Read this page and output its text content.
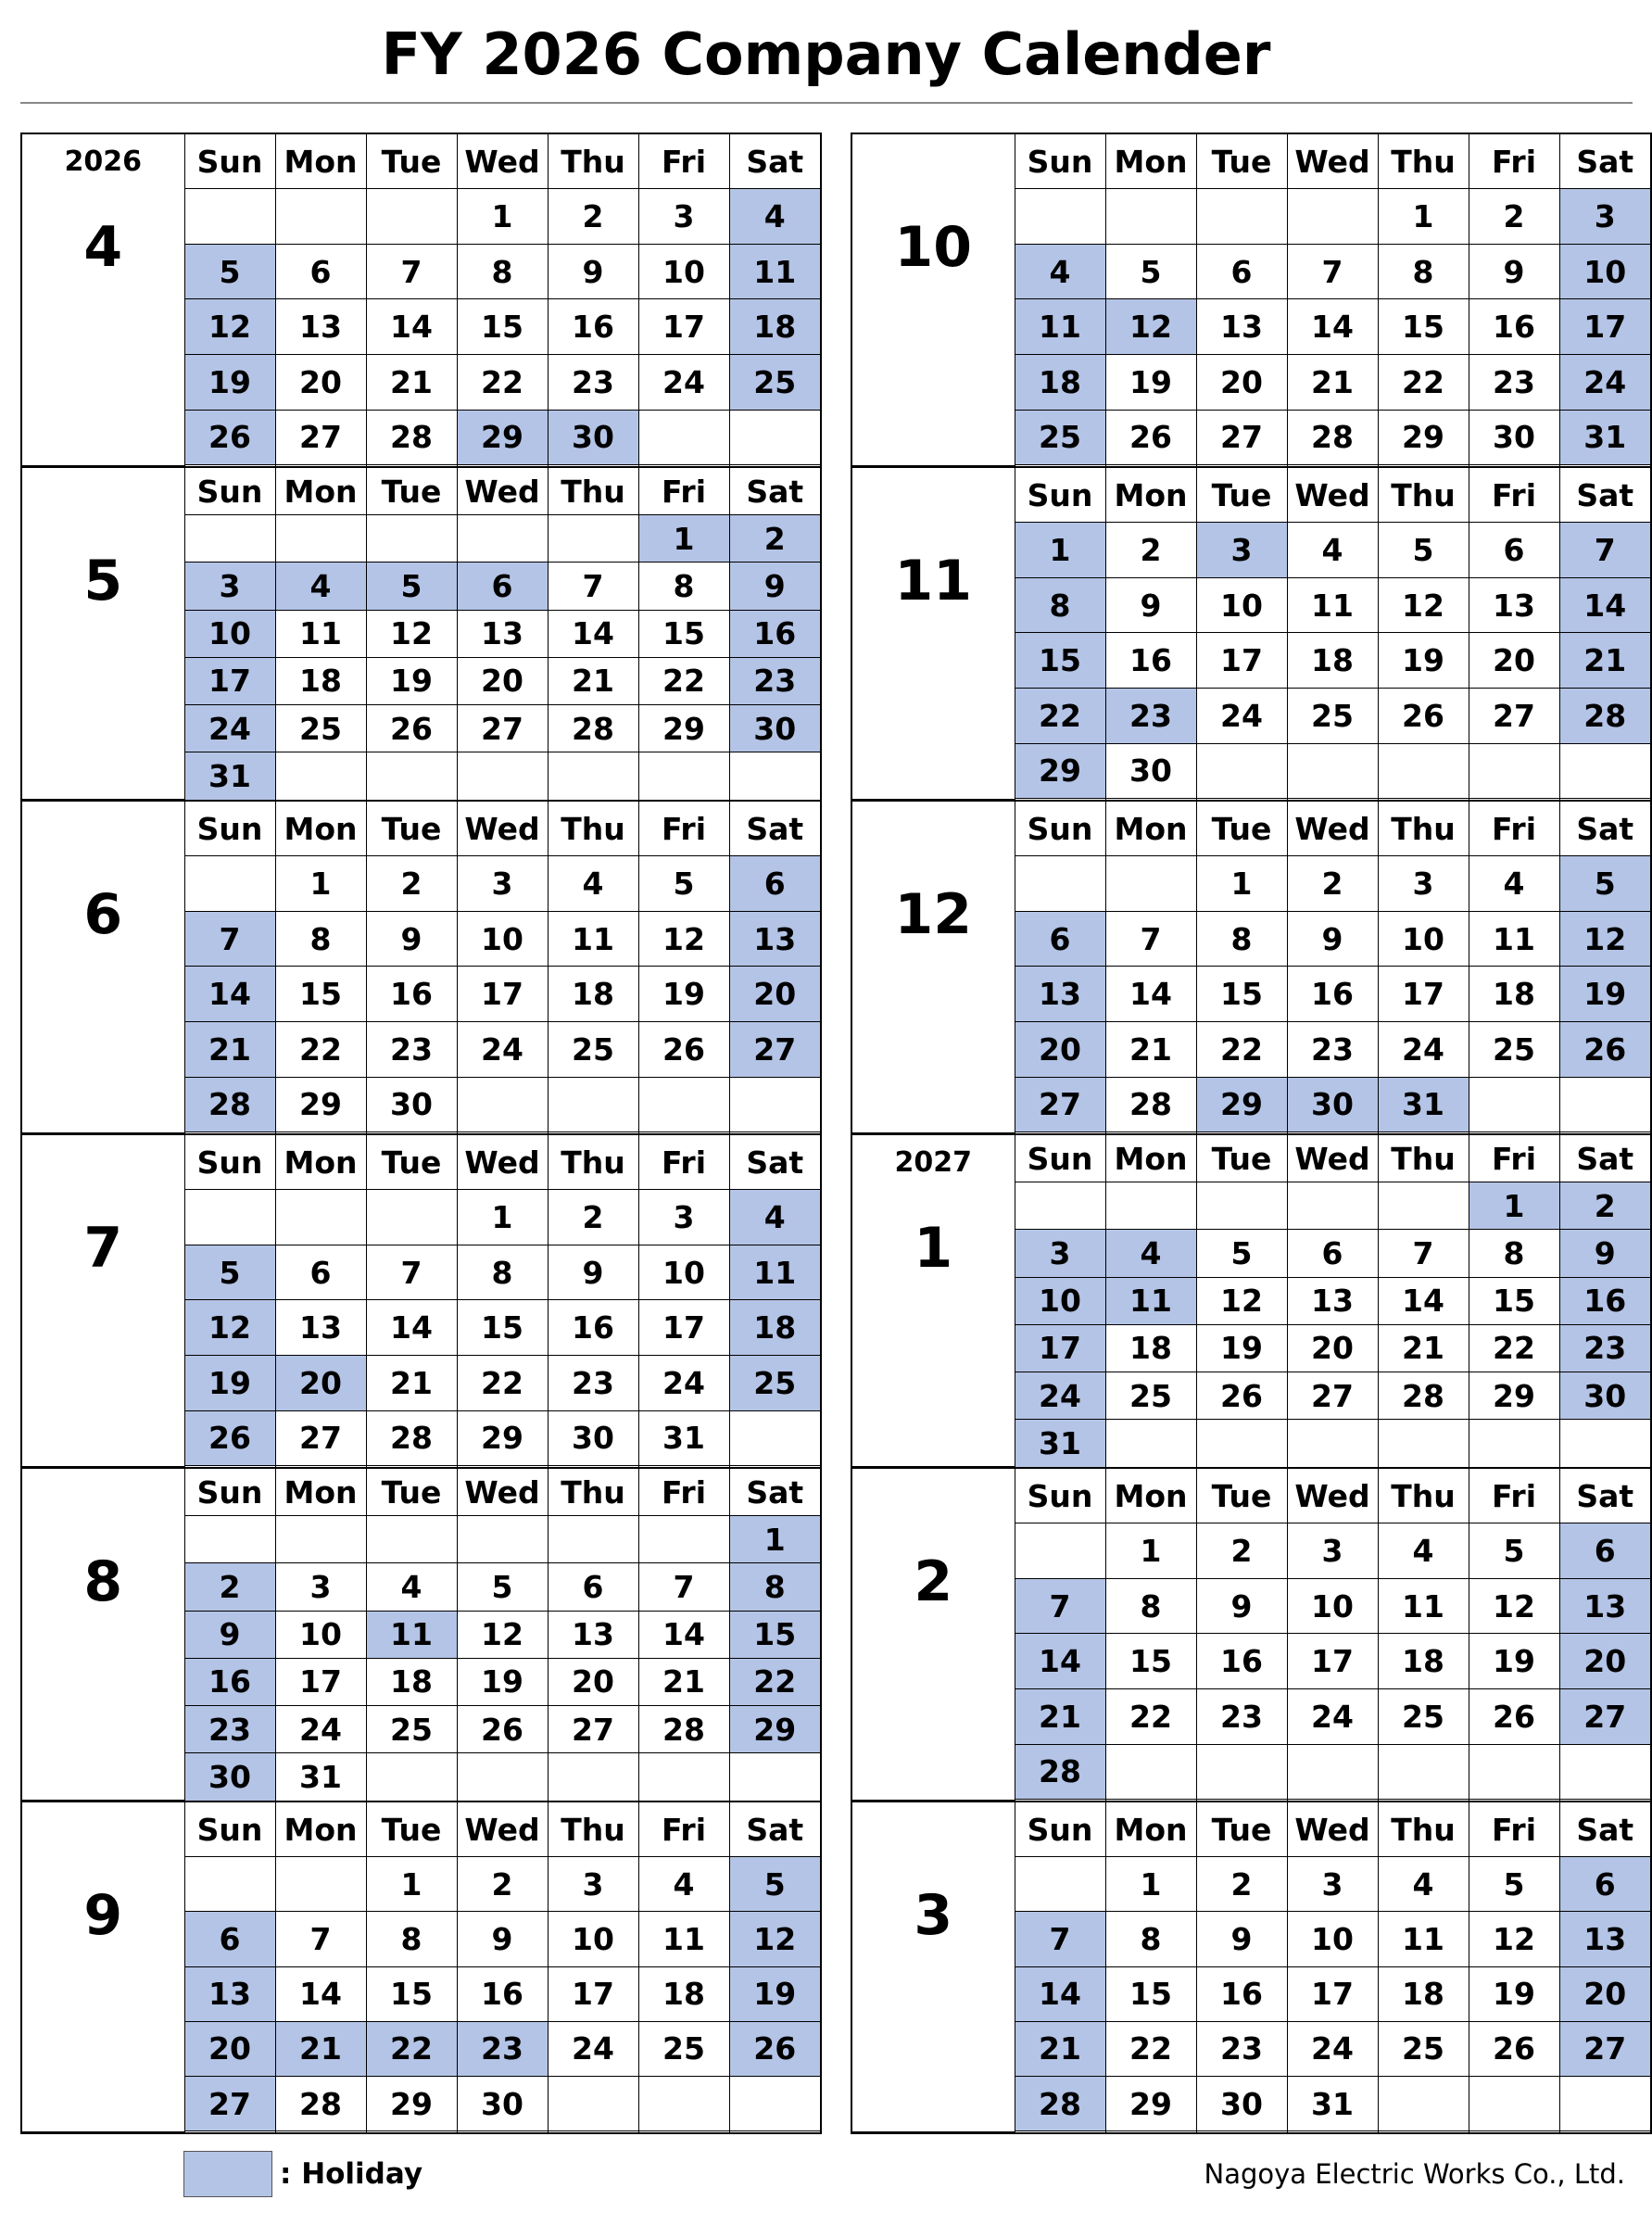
FY 2026 Company Calender
2026
4	Sun	Mon	Tue	Wed	Thu	Fri	Sat
				1	2	3	4
	5	6	7	8	9	10	11
	12	13	14	15	16	17	18
	19	20	21	22	23	24	25
	26	27	28	29	30		

5	Sun	Mon	Tue	Wed	Thu	Fri	Sat
						1	2
	3	4	5	6	7	8	9
	10	11	12	13	14	15	16
	17	18	19	20	21	22	23
	24	25	26	27	28	29	30
	31						
6	Sun	Mon	Tue	Wed	Thu	Fri	Sat
		1	2	3	4	5	6
	7	8	9	10	11	12	13
	14	15	16	17	18	19	20
	21	22	23	24	25	26	27
	28	29	30				

7	Sun	Mon	Tue	Wed	Thu	Fri	Sat
				1	2	3	4
	5	6	7	8	9	10	11
	12	13	14	15	16	17	18
	19	20	21	22	23	24	25
	26	27	28	29	30	31	

8	Sun	Mon	Tue	Wed	Thu	Fri	Sat
							1
	2	3	4	5	6	7	8
	9	10	11	12	13	14	15
	16	17	18	19	20	21	22
	23	24	25	26	27	28	29
	30	31					
9	Sun	Mon	Tue	Wed	Thu	Fri	Sat
			1	2	3	4	5
	6	7	8	9	10	11	12
	13	14	15	16	17	18	19
	20	21	22	23	24	25	26
	27	28	29	30			

10	Sun	Mon	Tue	Wed	Thu	Fri	Sat
					1	2	3
	4	5	6	7	8	9	10
	11	12	13	14	15	16	17
	18	19	20	21	22	23	24
	25	26	27	28	29	30	31

11	Sun	Mon	Tue	Wed	Thu	Fri	Sat
	1	2	3	4	5	6	7
	8	9	10	11	12	13	14
	15	16	17	18	19	20	21
	22	23	24	25	26	27	28
	29	30					

12	Sun	Mon	Tue	Wed	Thu	Fri	Sat
			1	2	3	4	5
	6	7	8	9	10	11	12
	13	14	15	16	17	18	19
	20	21	22	23	24	25	26
	27	28	29	30	31		

2027
1	Sun	Mon	Tue	Wed	Thu	Fri	Sat
						1	2
	3	4	5	6	7	8	9
	10	11	12	13	14	15	16
	17	18	19	20	21	22	23
	24	25	26	27	28	29	30
	31						
2	Sun	Mon	Tue	Wed	Thu	Fri	Sat
		1	2	3	4	5	6
	7	8	9	10	11	12	13
	14	15	16	17	18	19	20
	21	22	23	24	25	26	27
	28						

3	Sun	Mon	Tue	Wed	Thu	Fri	Sat
		1	2	3	4	5	6
	7	8	9	10	11	12	13
	14	15	16	17	18	19	20
	21	22	23	24	25	26	27
	28	29	30	31			

: Holiday	Nagoya Electric Works Co., Ltd.
